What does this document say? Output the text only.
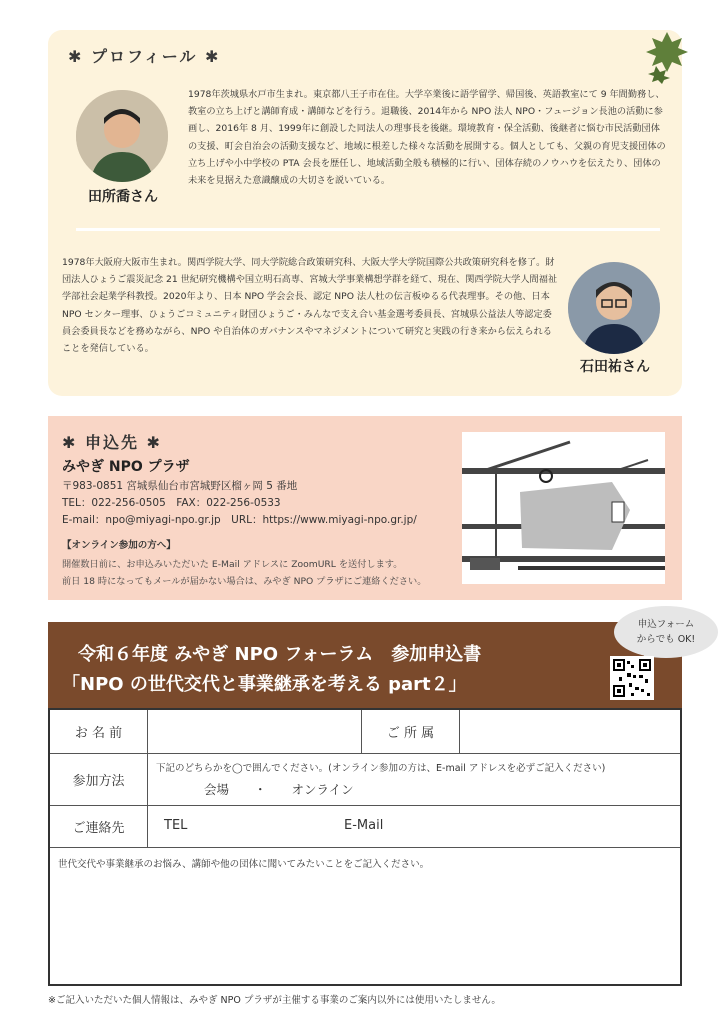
✱ プロフィール ✱
田所喬さん
1978年茨城県水戸市生まれ。東京都八王子市在住。大学卒業後に語学留学、帰国後、英語教室にて 9 年間勤務し、教室の立ち上げと講師育成・講師などを行う。退職後、2014年から NPO 法人 NPO・フュージョン長池の活動に参画し、2016年 8 月、1999年に創設した同法人の理事長を後継。環境教育・保全活動、後継者に悩む市民活動団体の支援、町会自治会の活動支援など、地域に根差した様々な活動を展開する。個人としても、父親の育児支援団体の立ち上げや小中学校の PTA 会長を歴任し、地域活動全般も積極的に行い、団体存続のノウハウを伝えたり、団体の未来を見据えた意識醸成の大切さを説いている。
1978年大阪府大阪市生まれ。関西学院大学、同大学院総合政策研究科、大阪大学大学院国際公共政策研究科を修了。財団法人ひょうご震災記念 21 世紀研究機構や国立明石高専、宮城大学事業構想学群を経て、現在、関西学院大学人間福祉学部社会起業学科教授。2020年より、日本 NPO 学会会長、認定 NPO 法人杜の伝言板ゆるる代表理事。その他、日本 NPO センター理事、ひょうごコミュニティ財団ひょうご・みんなで支え合い基金選考委員長、宮城県公益法人等認定委員会委員長などを務めながら、NPO や自治体のガバナンスやマネジメントについて研究と実践の行き来から伝えられることを発信している。
石田祐さん
✱ 申込先 ✱
みやぎ NPO プラザ
〒983-0851 宮城県仙台市宮城野区榴ヶ岡 5 番地
TEL：022-256-0505　FAX：022-256-0533
E-mail：npo@miyagi-npo.gr.jp　URL：https://www.miyagi-npo.gr.jp/
【オンライン参加の方へ】
開催数日前に、お申込みいただいた E-Mail アドレスに ZoomURL を送付します。
前日 18 時になってもメールが届かない場合は、みやぎ NPO プラザにご連絡ください。
令和６年度 みやぎ NPO フォーラム　参加申込書
「NPO の世代交代と事業継承を考える part２」
申込フォーム
からでも OK!
お 名 前	ご 所 属
参加方法
下記のどちらかを◯で囲んでください。(オンライン参加の方は、E-mail アドレスを必ずご記入ください)
会場　　・　　オンライン
ご連絡先	TEL	E-Mail
世代交代や事業継承のお悩み、講師や他の団体に聞いてみたいことをご記入ください。
※ご記入いただいた個人情報は、みやぎ NPO プラザが主催する事業のご案内以外には使用いたしません。
